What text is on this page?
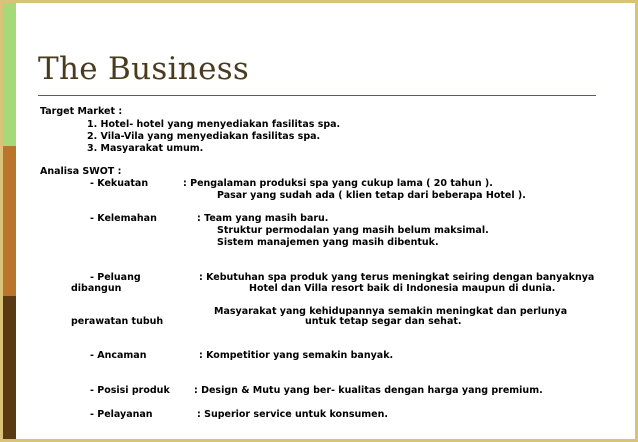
The Business

Target Market :

1. Hotel- hotel yang menyediakan fasilitas spa.

2. Vila-Vila yang menyediakan fasilitas spa.

3. Masyarakat umum.

Analisa SWOT :

- Kekuatan	: Pengalaman produksi spa yang cukup lama ( 20 tahun ).

Pasar yang sudah ada ( klien tetap dari beberapa Hotel ).

- Kelemahan	: Team yang masih baru.

Struktur permodalan yang masih belum maksimal.

Sistem manajemen yang masih dibentuk.

- Peluang	: Kebutuhan spa produk yang terus meningkat seiring dengan banyaknya

dibangun	Hotel dan Villa resort baik di Indonesia maupun di dunia.

Masyarakat yang kehidupannya semakin meningkat dan perlunya

perawatan tubuh	untuk tetap segar dan sehat.

- Ancaman	: Kompetitior yang semakin banyak.

- Posisi produk	: Design & Mutu yang ber- kualitas dengan harga yang premium.

- Pelayanan	: Superior service untuk konsumen.
